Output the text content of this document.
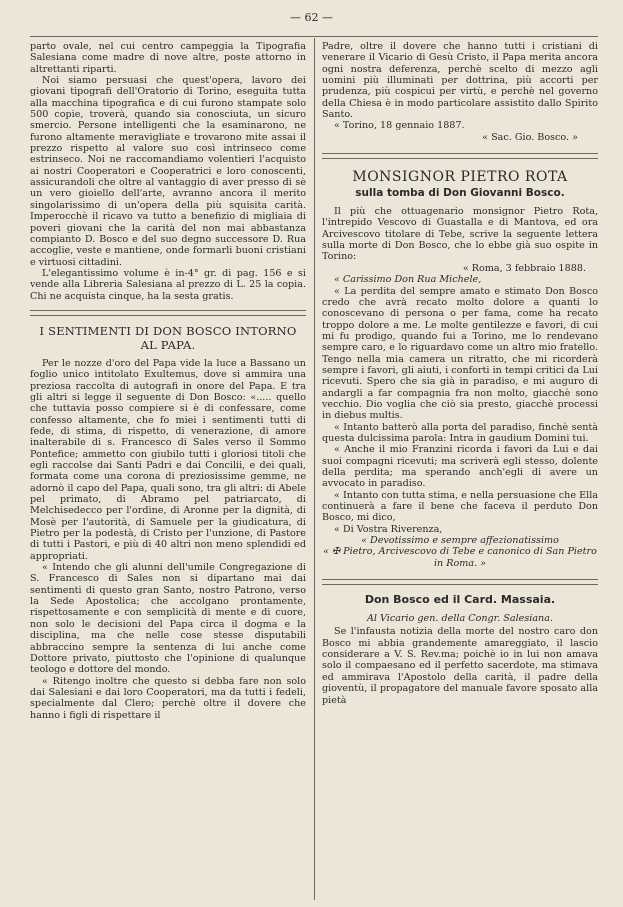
— 62 —

parto ovale, nel cui centro campeggia la Tipografia Salesiana come madre di nove altre, poste attorno in altrettanti riparti.

Noi siamo persuasi che quest'opera, lavoro dei giovani tipografi dell'Oratorio di Torino, eseguita tutta alla macchina tipografica e di cui furono stampate solo 500 copie, troverà, quando sia conosciuta, un sicuro smercio. Persone intelligenti che la esaminarono, ne furono altamente meravigliate e trovarono mite assai il prezzo rispetto al valore suo così intrinseco come estrinseco. Noi ne raccomandiamo volentieri l'acquisto ai nostri Cooperatori e Cooperatrici e loro conoscenti, assicurandoli che oltre al vantaggio di aver presso di sè un vero gioiello dell'arte, avranno ancora il merito singolarissimo di un'opera della più squisita carità. Imperocchè il ricavo va tutto a benefizio di migliaia di poveri giovani che la carità del non mai abbastanza compianto D. Bosco e del suo degno successore D. Rua accoglie, veste e mantiene, onde formarli buoni cristiani e virtuosi cittadini.

L'elegantissimo volume è in-4° gr. di pag. 156 e si vende alla Libreria Salesiana al prezzo di L. 25 la copia. Chi ne acquista cinque, ha la sesta gratis.

I SENTIMENTI DI DON BOSCO INTORNO AL PAPA.

Per le nozze d'oro del Papa vide la luce a Bassano un foglio unico intitolato Exultemus, dove si ammira una preziosa raccolta di autografi in onore del Papa. E tra gli altri si legge il seguente di Don Bosco: «..... quello che tuttavia posso compiere si è di confessare, come confesso altamente, che fo miei i sentimenti tutti di fede, di stima, di rispetto, di venerazione, di amore inalterabile di s. Francesco di Sales verso il Sommo Pontefice; ammetto con giubilo tutti i gloriosi titoli che egli raccolse dai Santi Padri e dai Concilii, e dei quali, formata come una corona di preziosissime gemme, ne adornò il capo del Papa, quali sono, tra gli altri: di Abele pel primato, di Abramo pel patriarcato, di Melchisedecco per l'ordine, di Aronne per la dignità, di Mosè per l'autorità, di Samuele per la giudicatura, di Pietro per la podestà, di Cristo per l'unzione, di Pastore di tutti i Pastori, e più di 40 altri non meno splendidi ed appropriati.

« Intendo che gli alunni dell'umile Congregazione di S. Francesco di Sales non si dipartano mai dai sentimenti di questo gran Santo, nostro Patrono, verso la Sede Apostolica; che accolgano prontamente, rispettosamente e con semplicità di mente e di cuore, non solo le decisioni del Papa circa il dogma e la disciplina, ma che nelle cose stesse disputabili abbraccino sempre la sentenza di lui anche come Dottore privato, piuttosto che l'opinione di qualunque teologo e dottore del mondo.

« Ritengo inoltre che questo si debba fare non solo dai Salesiani e dai loro Cooperatori, ma da tutti i fedeli, specialmente dal Clero; perchè oltre il dovere che hanno i figli di rispettare il

Padre, oltre il dovere che hanno tutti i cristiani di venerare il Vicario di Gesù Cristo, il Papa merita ancora ogni nostra deferenza, perchè scelto di mezzo agli uomini più illuminati per dottrina, più accorti per prudenza, più cospicui per virtù, e perchè nel governo della Chiesa è in modo particolare assistito dallo Spirito Santo.

« Torino, 18 gennaio 1887.

« Sac. Gio. Bosco. »

MONSIGNOR PIETRO ROTA
sulla tomba di Don Giovanni Bosco.

Il più che ottuagenario monsignor Pietro Rota, l'intrepido Vescovo di Guastalla e di Mantova, ed ora Arcivescovo titolare di Tebe, scrive la seguente lettera sulla morte di Don Bosco, che lo ebbe già suo ospite in Torino:

« Roma, 3 febbraio 1888.

« Carissimo Don Rua Michele,

« La perdita del sempre amato e stimato Don Bosco credo che avrà recato molto dolore a quanti lo conoscevano di persona o per fama, come ha recato troppo dolore a me. Le molte gentilezze e favori, di cui mi fu prodigo, quando fui a Torino, me lo rendevano sempre caro, e lo riguardavo come un altro mio fratello. Tengo nella mia camera un ritratto, che mi ricorderà sempre i favori, gli aiuti, i conforti in tempi critici da Lui ricevuti. Spero che sia già in paradiso, e mi auguro di andargli a far compagnia fra non molto, giacchè sono vecchio. Dio voglia che ciò sia presto, giacchè processi in diebus multis.

« Intanto batterò alla porta del paradiso, finchè sentà questa dulcissima parola: Intra in gaudium Domini tui.

« Anche il mio Franzini ricorda i favori da Lui e dai suoi compagni ricevuti; ma scriverà egli stesso, dolente della perdita; ma sperando anch'egli di avere un avvocato in paradiso.

« Intanto con tutta stima, e nella persuasione che Ella continuerà a fare il bene che faceva il perduto Don Bosco, mi dico,

« Di Vostra Riverenza,

« Devotissimo e sempre affezionatissimo

« ✠ Pietro, Arcivescovo di Tebe e canonico di San Pietro in Roma. »

Don Bosco ed il Card. Massaia.

Al Vicario gen. della Congr. Salesiana.

Se l'infausta notizia della morte del nostro caro don Bosco mi abbia grandemente amareggiato, il lascio considerare a V. S. Rev.ma; poichè io in lui non amava solo il compaesano ed il perfetto sacerdote, ma stimava ed ammirava l'Apostolo della carità, il padre della gioventù, il propagatore del manuale favore sposato alla pietà
